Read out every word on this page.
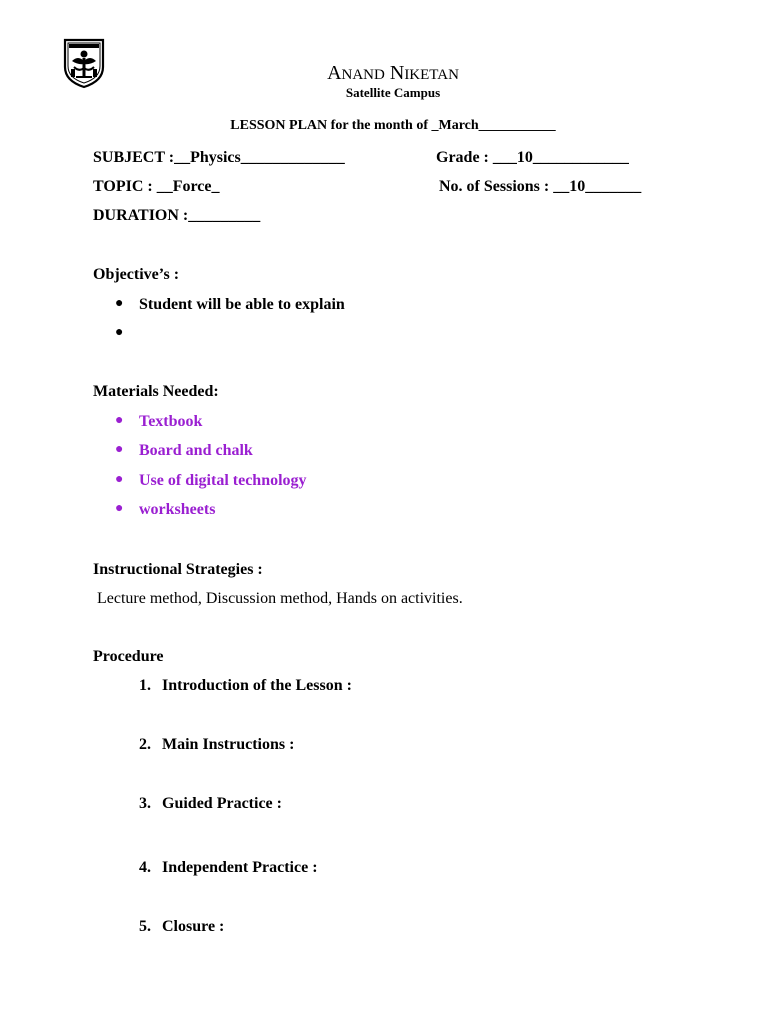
ANAND NIKETAN
Satellite Campus
LESSON PLAN for the month of _March___________
SUBJECT :__Physics_____________	Grade : ___10____________
TOPIC : __Force_	No. of Sessions : __10_______
DURATION :_________
Objective’s :
● Student will be able to explain
●
Materials Needed:
● Textbook
● Board and chalk
● Use of digital technology
● worksheets
Instructional Strategies :
Lecture method, Discussion method, Hands on activities.
Procedure
1. Introduction of the Lesson :
2. Main Instructions :
3. Guided Practice :
4. Independent Practice :
5. Closure :
